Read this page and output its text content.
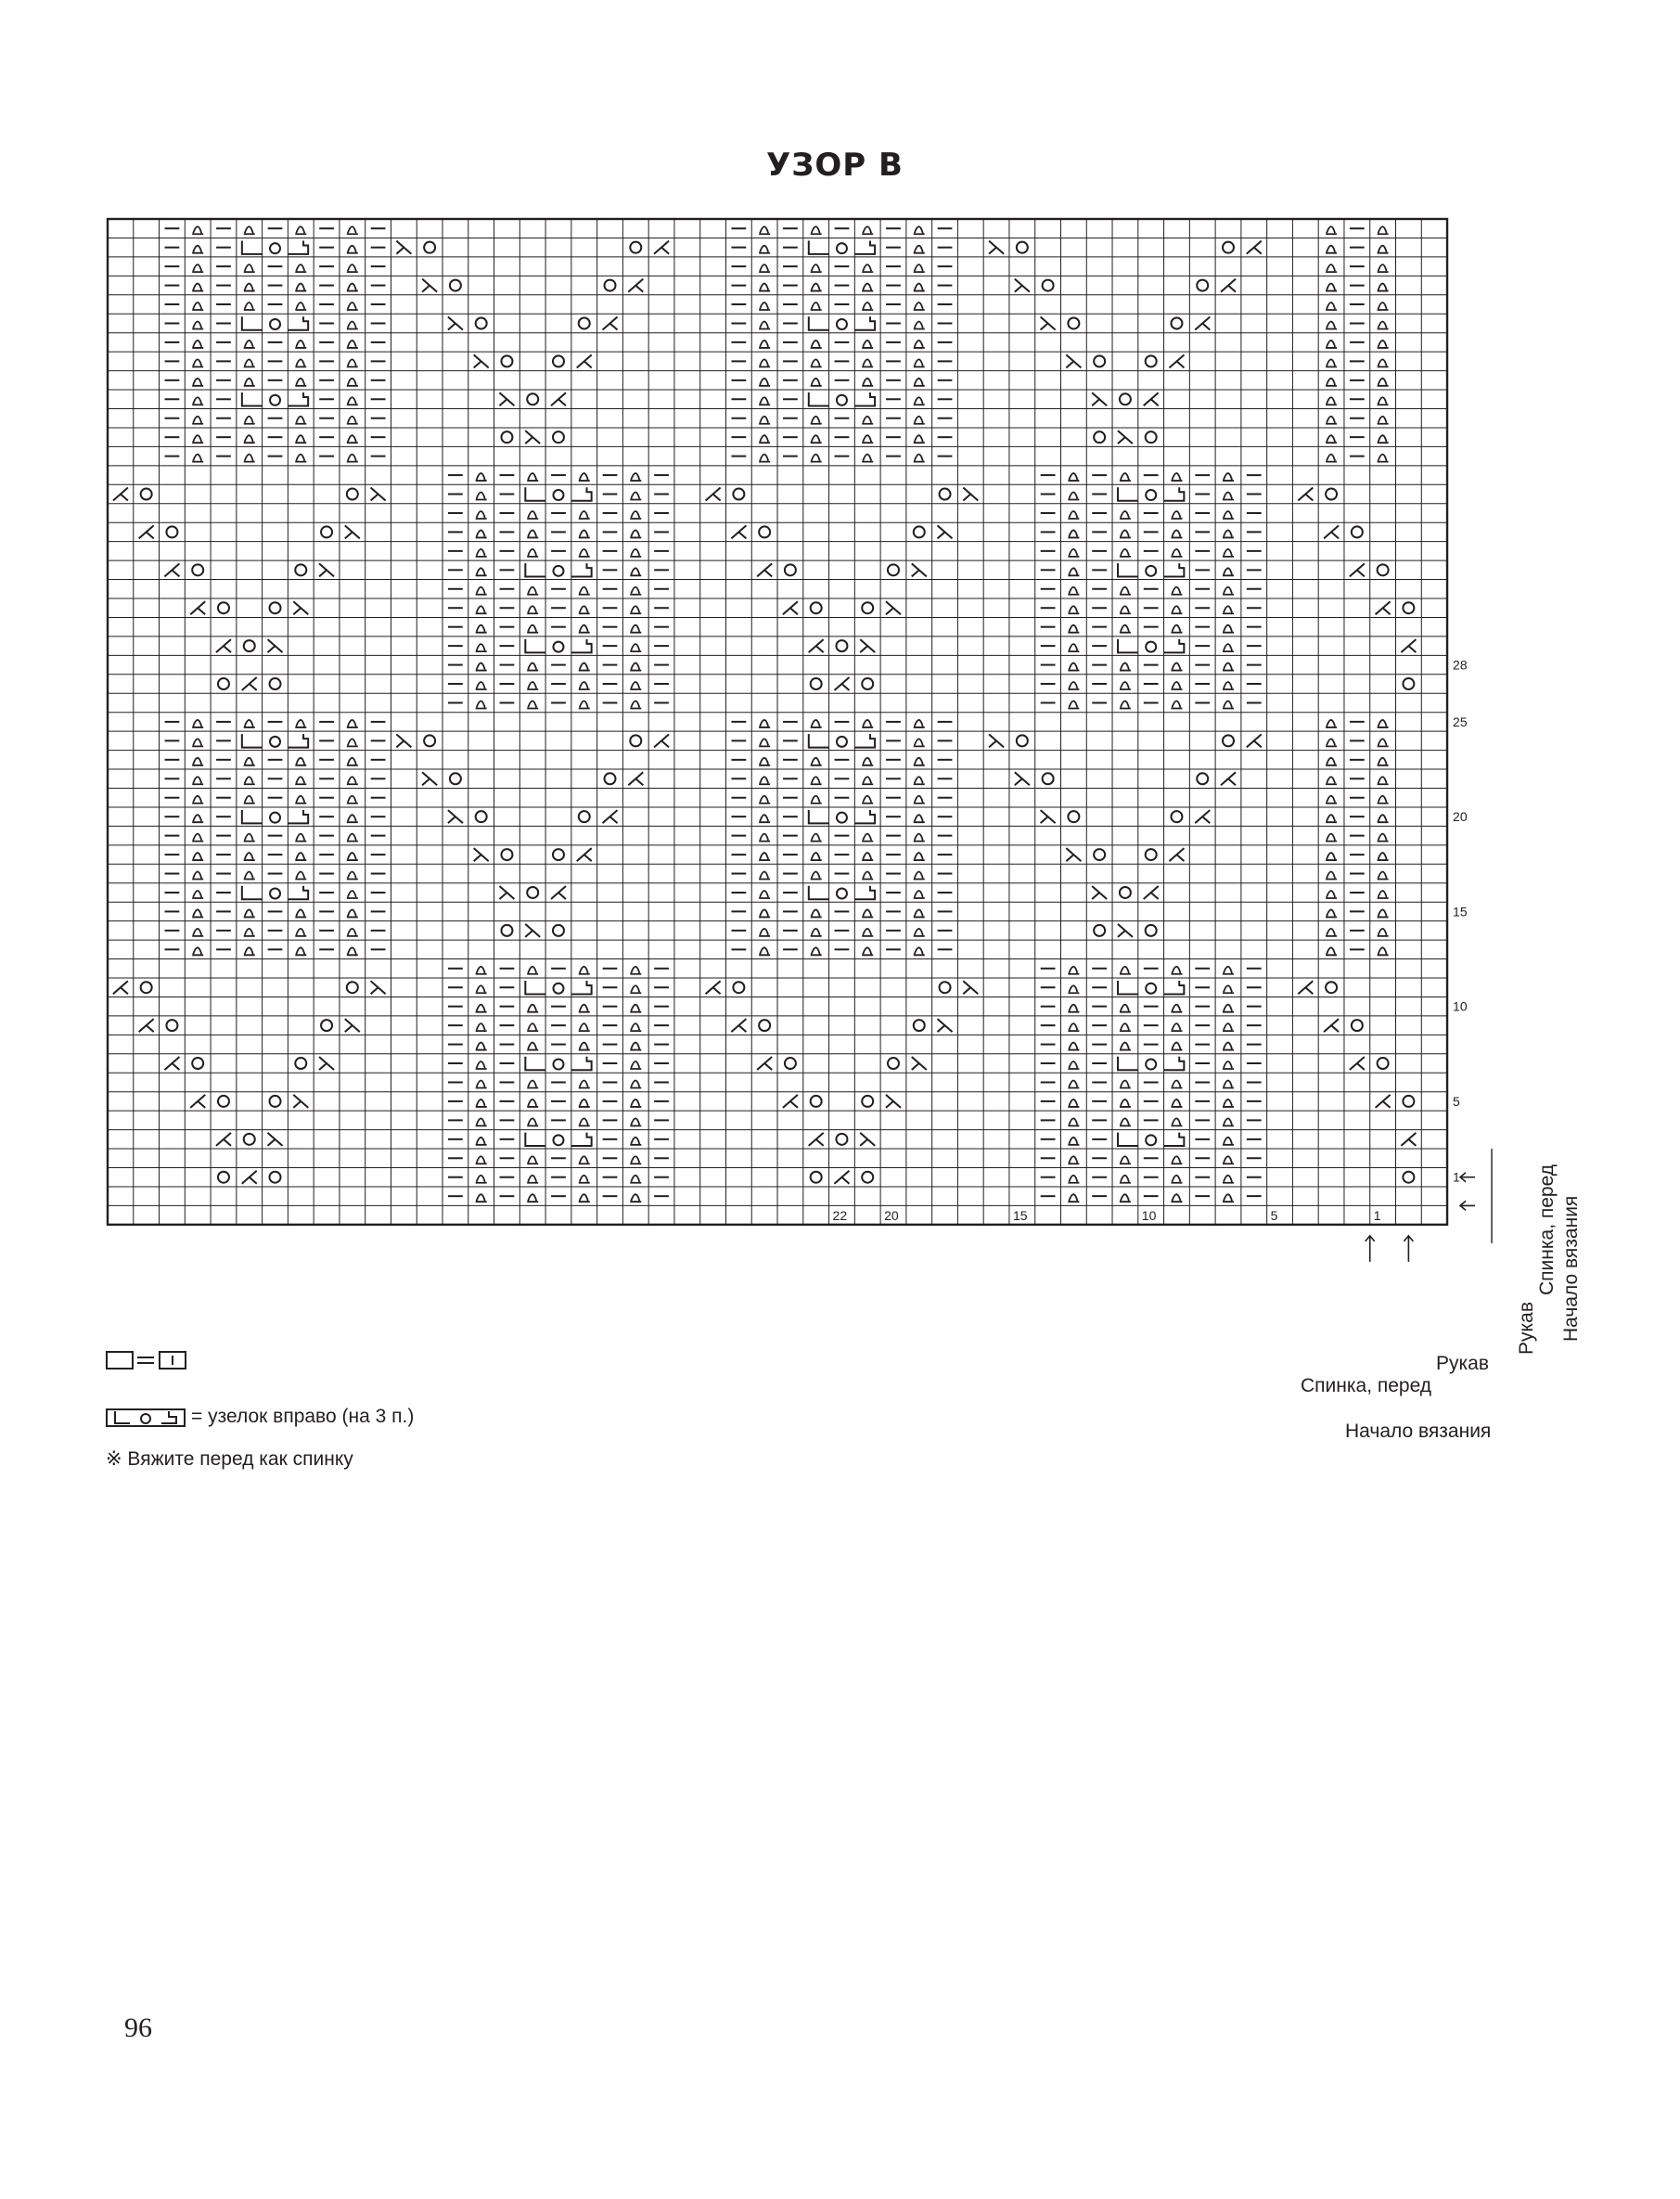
УЗОР В
1
5
10
15
20
25
28
1
5
10
15
20
22
= узелок вправо (на 3 п.)
※ Вяжите перед как спинку
Рукав
Спинка, перед
Начало вязания
Рукав
Спинка, перед Начало вязания
96
